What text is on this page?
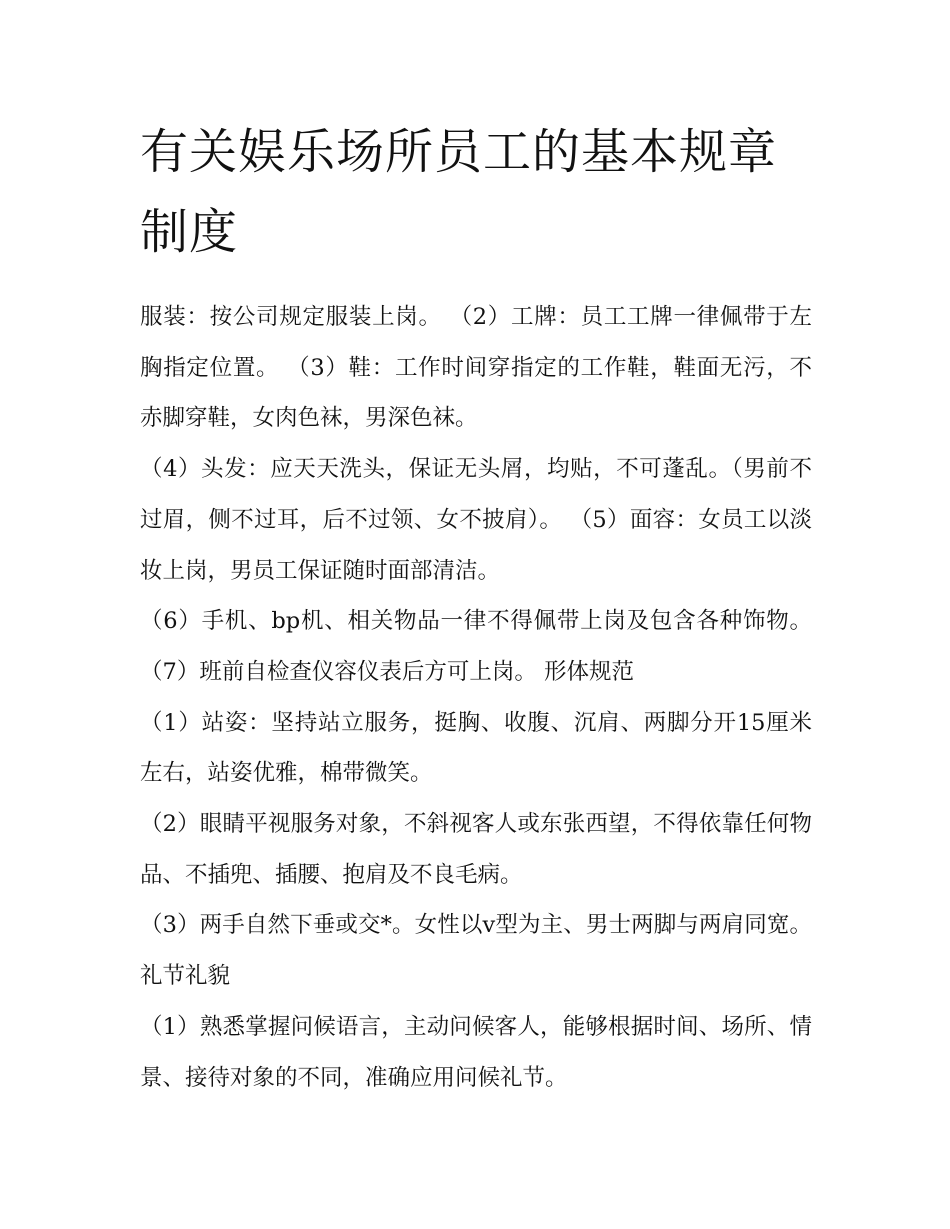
有关娱乐场所员工的基本规章制度

服装：按公司规定服装上岗。 （2）工牌：员工工牌一律佩带于左胸指定位置。 （3）鞋：工作时间穿指定的工作鞋，鞋面无污，不赤脚穿鞋，女肉色袜，男深色袜。

（4）头发：应天天洗头，保证无头屑，均贴，不可蓬乱。（男前不过眉，侧不过耳，后不过领、女不披肩）。 （5）面容：女员工以淡妆上岗，男员工保证随时面部清洁。

（6）手机、bp机、相关物品一律不得佩带上岗及包含各种饰物。 （7）班前自检查仪容仪表后方可上岗。 形体规范

（1）站姿：坚持站立服务，挺胸、收腹、沉肩、两脚分开15厘米左右，站姿优雅，棉带微笑。

（2）眼睛平视服务对象，不斜视客人或东张西望，不得依靠任何物品、不插兜、插腰、抱肩及不良毛病。

（3）两手自然下垂或交*。女性以v型为主、男士两脚与两肩同宽。 礼节礼貌

（1）熟悉掌握问候语言，主动问候客人，能够根据时间、场所、情景、接待对象的不同，准确应用问候礼节。
